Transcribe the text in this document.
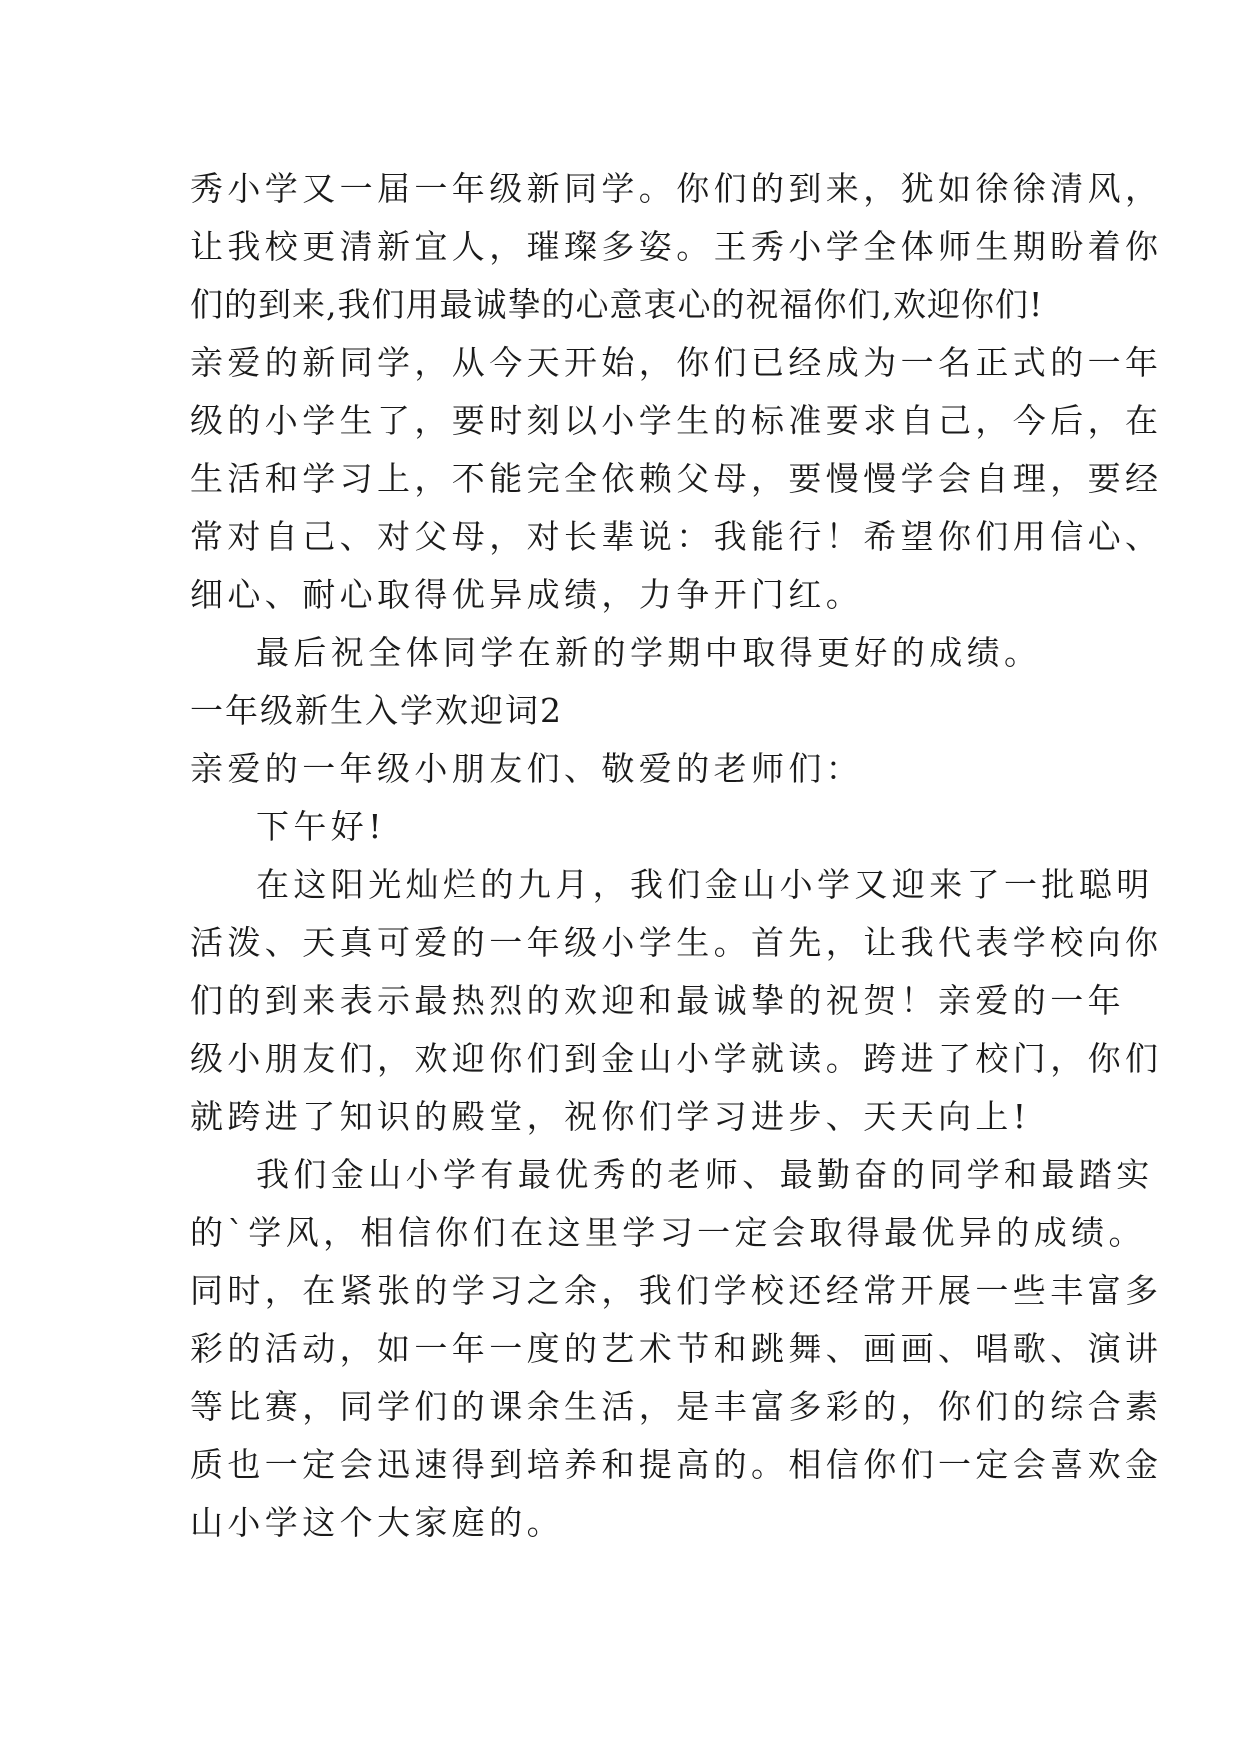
秀小学又一届一年级新同学。你们的到来，犹如徐徐清风，
让我校更清新宜人，璀璨多姿。王秀小学全体师生期盼着你
们的到来,我们用最诚挚的心意衷心的祝福你们,欢迎你们!
亲爱的新同学，从今天开始，你们已经成为一名正式的一年
级的小学生了，要时刻以小学生的标准要求自己，今后，在
生活和学习上，不能完全依赖父母，要慢慢学会自理，要经
常对自己、对父母，对长辈说：我能行！希望你们用信心、
细心、耐心取得优异成绩，力争开门红。
最后祝全体同学在新的学期中取得更好的成绩。
一年级新生入学欢迎词2
亲爱的一年级小朋友们、敬爱的老师们：
下午好!
在这阳光灿烂的九月，我们金山小学又迎来了一批聪明
活泼、天真可爱的一年级小学生。首先，让我代表学校向你
们的到来表示最热烈的欢迎和最诚挚的祝贺！亲爱的一年
级小朋友们，欢迎你们到金山小学就读。跨进了校门，你们
就跨进了知识的殿堂，祝你们学习进步、天天向上!
我们金山小学有最优秀的老师、最勤奋的同学和最踏实
的`学风，相信你们在这里学习一定会取得最优异的成绩。
同时，在紧张的学习之余，我们学校还经常开展一些丰富多
彩的活动，如一年一度的艺术节和跳舞、画画、唱歌、演讲
等比赛，同学们的课余生活，是丰富多彩的，你们的综合素
质也一定会迅速得到培养和提高的。相信你们一定会喜欢金
山小学这个大家庭的。
